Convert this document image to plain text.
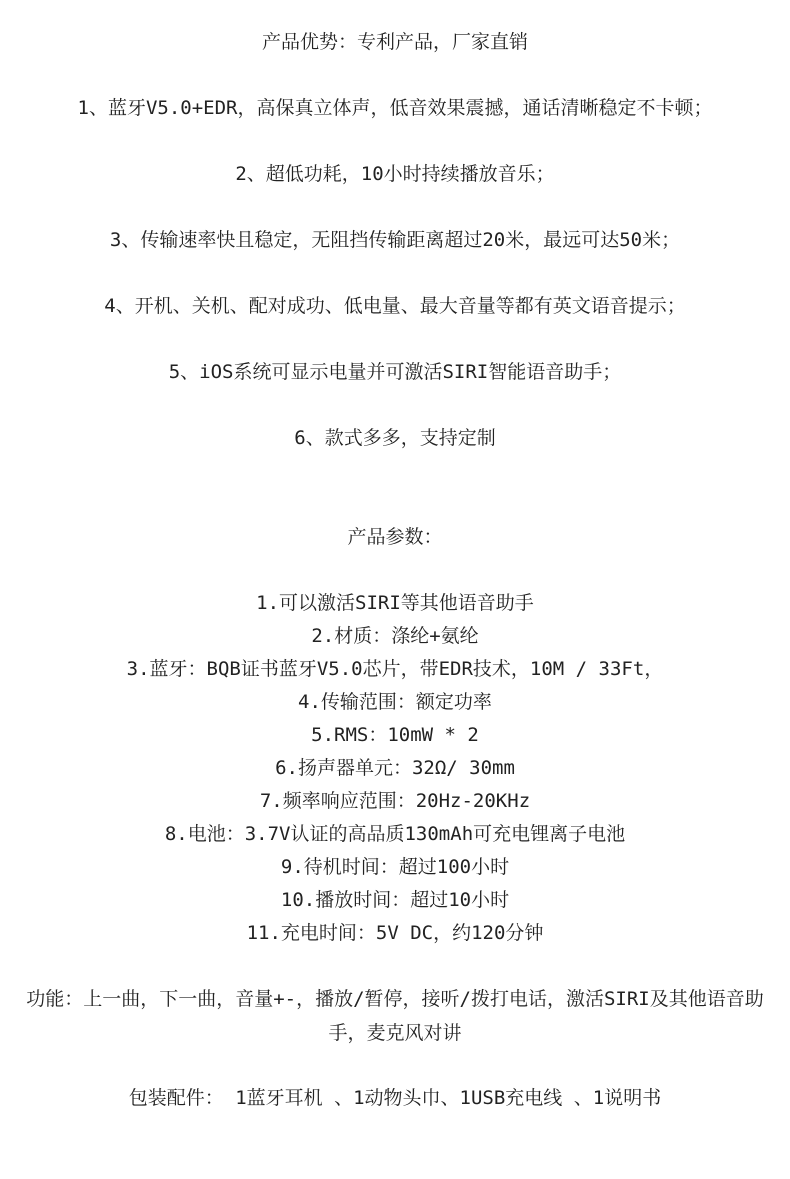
产品优势：专利产品，厂家直销
1、蓝牙V5.0+EDR，高保真立体声，低音效果震撼，通话清晰稳定不卡顿；
2、超低功耗，10小时持续播放音乐；
3、传输速率快且稳定，无阻挡传输距离超过20米，最远可达50米；
4、开机、关机、配对成功、低电量、最大音量等都有英文语音提示；
5、iOS系统可显示电量并可激活SIRI智能语音助手；
6、款式多多，支持定制
产品参数：
1.可以激活SIRI等其他语音助手
2.材质：涤纶+氨纶
3.蓝牙：BQB证书蓝牙V5.0芯片，带EDR技术，10M / 33Ft，
4.传输范围：额定功率
5.RMS：10mW * 2
6.扬声器单元：32Ω/ 30mm
7.频率响应范围：20Hz-20KHz
8.电池：3.7V认证的高品质130mAh可充电锂离子电池
9.待机时间：超过100小时
10.播放时间：超过10小时
11.充电时间：5V DC，约120分钟
功能：上一曲，下一曲，音量+-，播放/暂停，接听/拨打电话，激活SIRI及其他语音助手，麦克风对讲
包装配件： 1蓝牙耳机 、1动物头巾、1USB充电线 、1说明书
